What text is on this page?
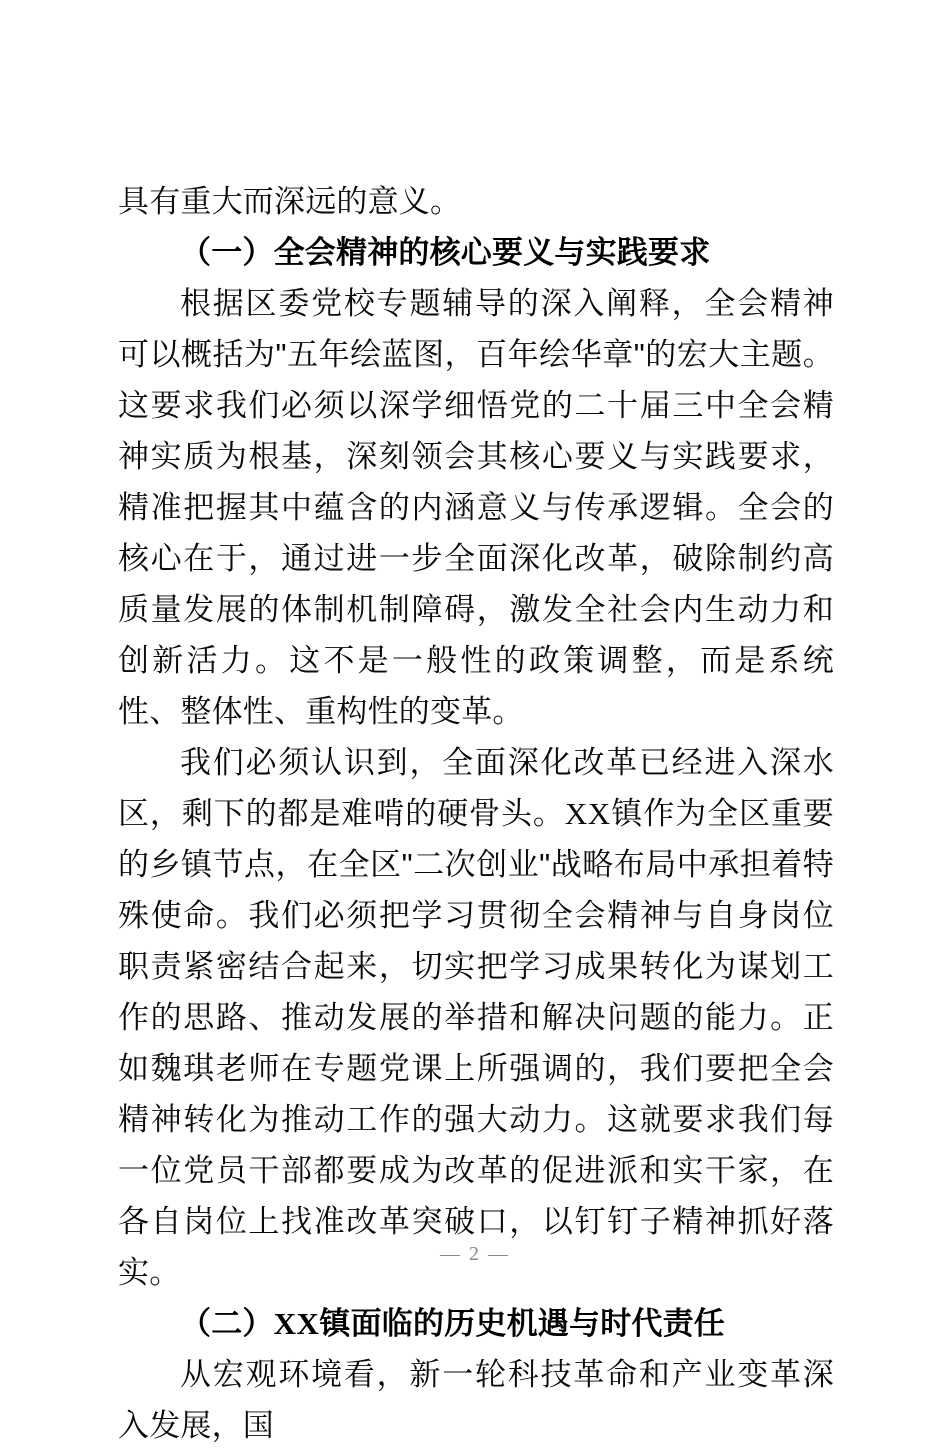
具有重大而深远的意义。

（一）全会精神的核心要义与实践要求

根据区委党校专题辅导的深入阐释，全会精神可以概括为"五年绘蓝图，百年绘华章"的宏大主题。这要求我们必须以深学细悟党的二十届三中全会精神实质为根基，深刻领会其核心要义与实践要求，精准把握其中蕴含的内涵意义与传承逻辑。全会的核心在于，通过进一步全面深化改革，破除制约高质量发展的体制机制障碍，激发全社会内生动力和创新活力。这不是一般性的政策调整，而是系统性、整体性、重构性的变革。

我们必须认识到，全面深化改革已经进入深水区，剩下的都是难啃的硬骨头。XX镇作为全区重要的乡镇节点，在全区"二次创业"战略布局中承担着特殊使命。我们必须把学习贯彻全会精神与自身岗位职责紧密结合起来，切实把学习成果转化为谋划工作的思路、推动发展的举措和解决问题的能力。正如魏琪老师在专题党课上所强调的，我们要把全会精神转化为推动工作的强大动力。这就要求我们每一位党员干部都要成为改革的促进派和实干家，在各自岗位上找准改革突破口，以钉钉子精神抓好落实。

（二）XX镇面临的历史机遇与时代责任

从宏观环境看，新一轮科技革命和产业变革深入发展，国

— 2 —
